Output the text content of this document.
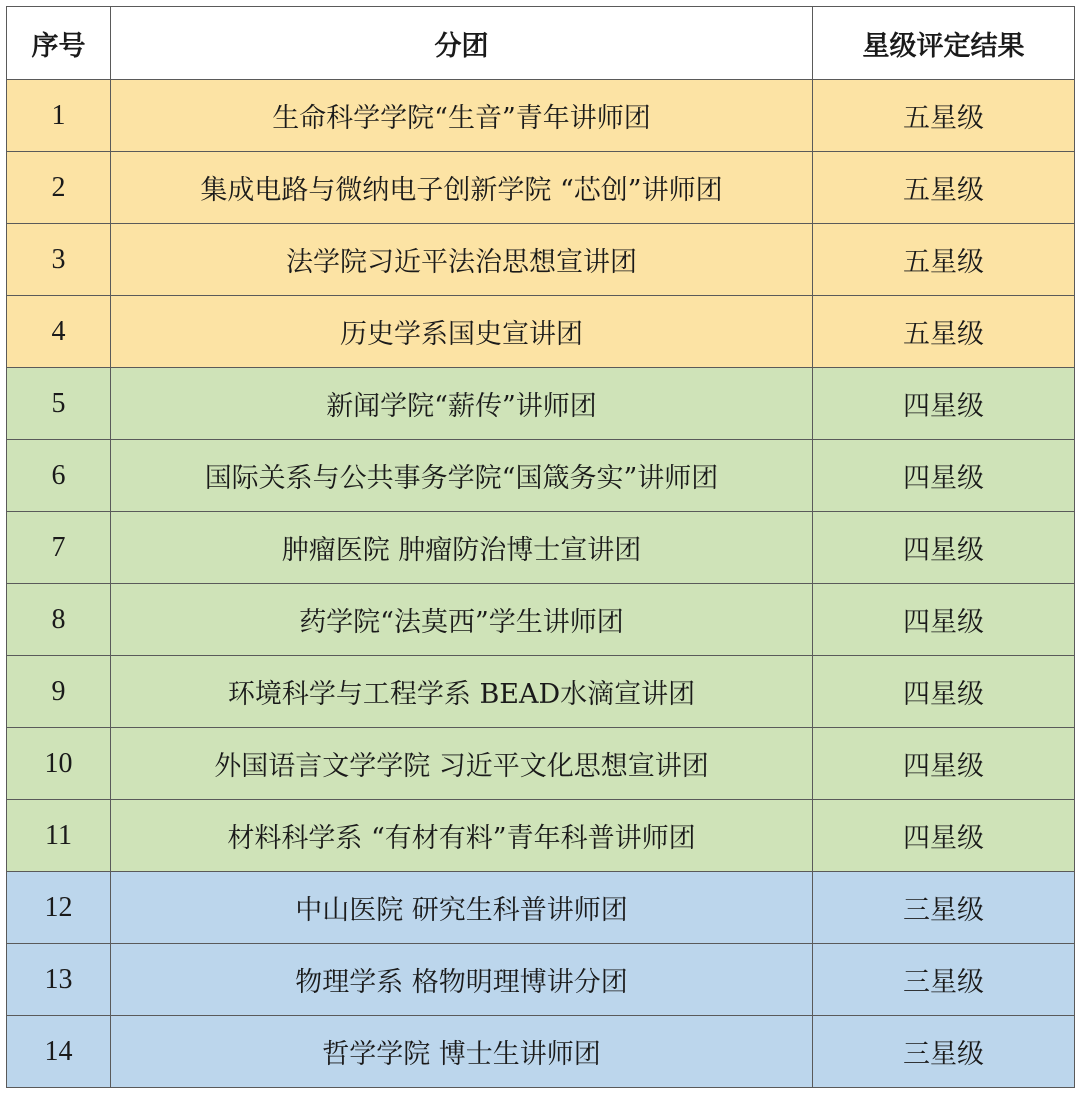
序号	分团	星级评定结果
1	生命科学学院“生音”青年讲师团	五星级
2	集成电路与微纳电子创新学院 “芯创”讲师团	五星级
3	法学院习近平法治思想宣讲团	五星级
4	历史学系国史宣讲团	五星级
5	新闻学院“薪传”讲师团	四星级
6	国际关系与公共事务学院“国箴务实”讲师团	四星级
7	肿瘤医院 肿瘤防治博士宣讲团	四星级
8	药学院“法莫西”学生讲师团	四星级
9	环境科学与工程学系 BEAD水滴宣讲团	四星级
10	外国语言文学学院 习近平文化思想宣讲团	四星级
11	材料科学系 “有材有料”青年科普讲师团	四星级
12	中山医院 研究生科普讲师团	三星级
13	物理学系 格物明理博讲分团	三星级
14	哲学学院 博士生讲师团	三星级
